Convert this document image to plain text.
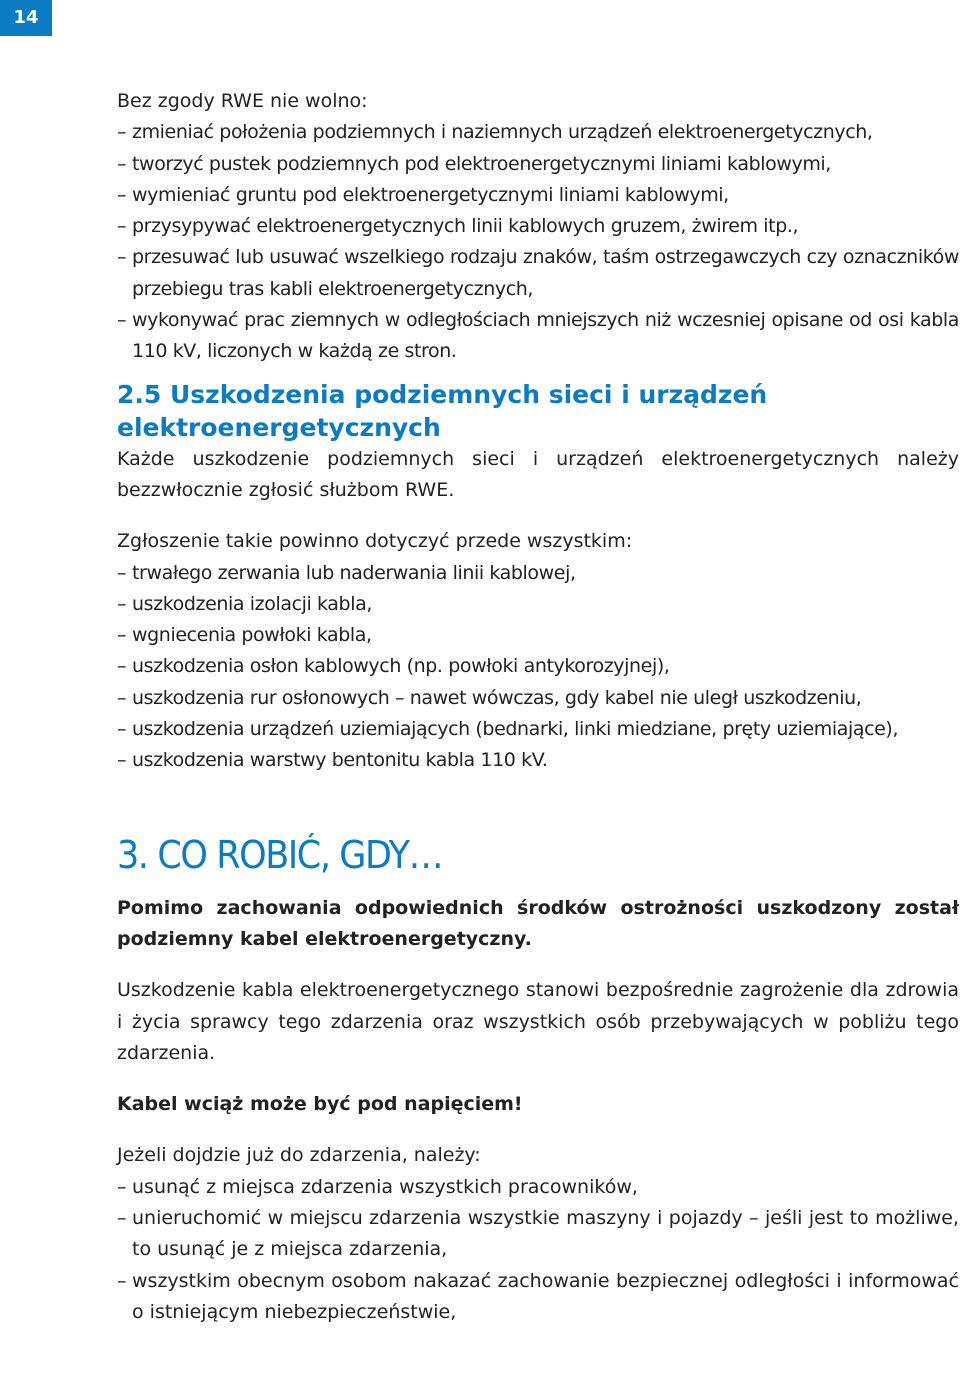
14

Bez zgody RWE nie wolno:

– zmieniać położenia podziemnych i naziemnych urządzeń elektroenergetycznych,
– tworzyć pustek podziemnych pod elektroenergetycznymi liniami kablowymi,
– wymieniać gruntu pod elektroenergetycznymi liniami kablowymi,
– przysypywać elektroenergetycznych linii kablowych gruzem, żwirem itp.,
– przesuwać lub usuwać wszelkiego rodzaju znaków, taśm ostrzegawczych czy oznaczników przebiegu tras kabli elektroenergetycznych,
– wykonywać prac ziemnych w odległościach mniejszych niż wczesniej opisane od osi kabla 110 kV, liczonych w każdą ze stron.
2.5 Uszkodzenia podziemnych sieci i urządzeń elektroenergetycznych

Każde uszkodzenie podziemnych sieci i urządzeń elektroenergetycznych należy bezzwłocznie zgłosić służbom RWE.

Zgłoszenie takie powinno dotyczyć przede wszystkim:

– trwałego zerwania lub naderwania linii kablowej,
– uszkodzenia izolacji kabla,
– wgniecenia powłoki kabla,
– uszkodzenia osłon kablowych (np. powłoki antykorozyjnej),
– uszkodzenia rur osłonowych – nawet wówczas, gdy kabel nie uległ uszkodzeniu,
– uszkodzenia urządzeń uziemiających (bednarki, linki miedziane, pręty uziemiające),
– uszkodzenia warstwy bentonitu kabla 110 kV.
3. CO ROBIĆ, GDY…

Pomimo zachowania odpowiednich środków ostrożności uszkodzony został podziemny kabel elektroenergetyczny.

Uszkodzenie kabla elektroenergetycznego stanowi bezpośrednie zagrożenie dla zdrowia i życia sprawcy tego zdarzenia oraz wszystkich osób przebywających w pobliżu tego zdarzenia.

Kabel wciąż może być pod napięciem!

Jeżeli dojdzie już do zdarzenia, należy:

– usunąć z miejsca zdarzenia wszystkich pracowników,
– unieruchomić w miejscu zdarzenia wszystkie maszyny i pojazdy – jeśli jest to możliwe, to usunąć je z miejsca zdarzenia,
– wszystkim obecnym osobom nakazać zachowanie bezpiecznej odległości i informować o istniejącym niebezpieczeństwie,
